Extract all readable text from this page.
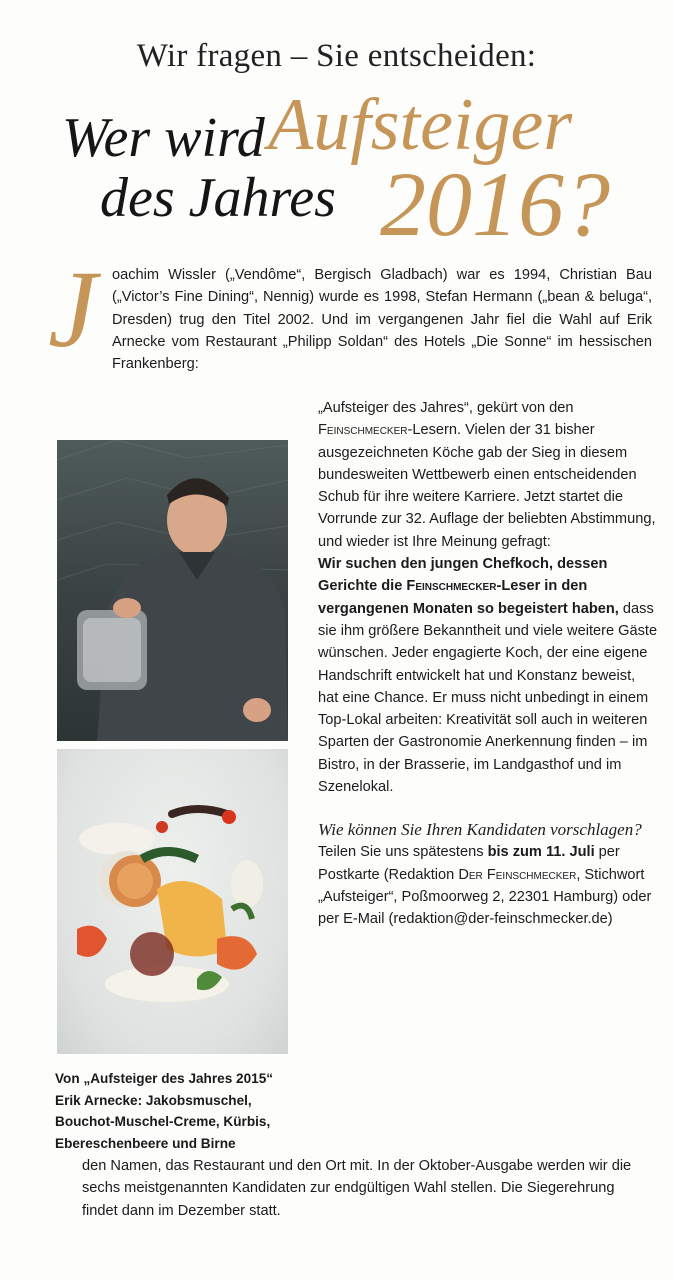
Wir fragen – Sie entscheiden:
Wer wird Aufsteiger
des Jahres 2016?
J oachim Wissler („Vendôme“, Bergisch Gladbach) war es 1994, Christian Bau („Victor’s Fine Dining“, Nennig) wurde es 1998, Stefan Hermann („bean & beluga“, Dresden) trug den Titel 2002. Und im vergangenen Jahr fiel die Wahl auf Erik Arnecke vom Restaurant „Philipp Soldan“ des Hotels „Die Sonne“ im hessischen Frankenberg:

Von „Aufsteiger des Jahres 2015“ Erik Arnecke: Jakobsmuschel, Bouchot-Muschel-Creme, Kürbis, Ebereschenbeere und Birne

„Aufsteiger des Jahres“, gekürt von den Feinschmecker-Lesern. Vielen der 31 bisher ausgezeichneten Köche gab der Sieg in diesem bundesweiten Wettbewerb einen entscheidenden Schub für ihre weitere Karriere. Jetzt startet die Vorrunde zur 32. Auflage der beliebten Abstimmung, und wieder ist Ihre Meinung gefragt:

Wir suchen den jungen Chefkoch, dessen Gerichte die Feinschmecker-Leser in den vergangenen Monaten so begeistert haben, dass sie ihm größere Bekanntheit und viele weitere Gäste wünschen. Jeder engagierte Koch, der eine eigene Handschrift entwickelt hat und Konstanz beweist, hat eine Chance. Er muss nicht unbedingt in einem Top-Lokal arbeiten: Kreativität soll auch in weiteren Sparten der Gastronomie Anerkennung finden – im Bistro, in der Brasserie, im Landgasthof und im Szenelokal.

Wie können Sie Ihren Kandidaten vorschlagen?

Teilen Sie uns spätestens bis zum 11. Juli per Postkarte (Redaktion Der Feinschmecker, Stichwort „Aufsteiger“, Poßmoorweg 2, 22301 Hamburg) oder per E-Mail (redaktion@der-feinschmecker.de)

den Namen, das Restaurant und den Ort mit. In der Oktober-Ausgabe werden wir die sechs meistgenannten Kandidaten zur endgültigen Wahl stellen. Die Siegerehrung findet dann im Dezember statt.
